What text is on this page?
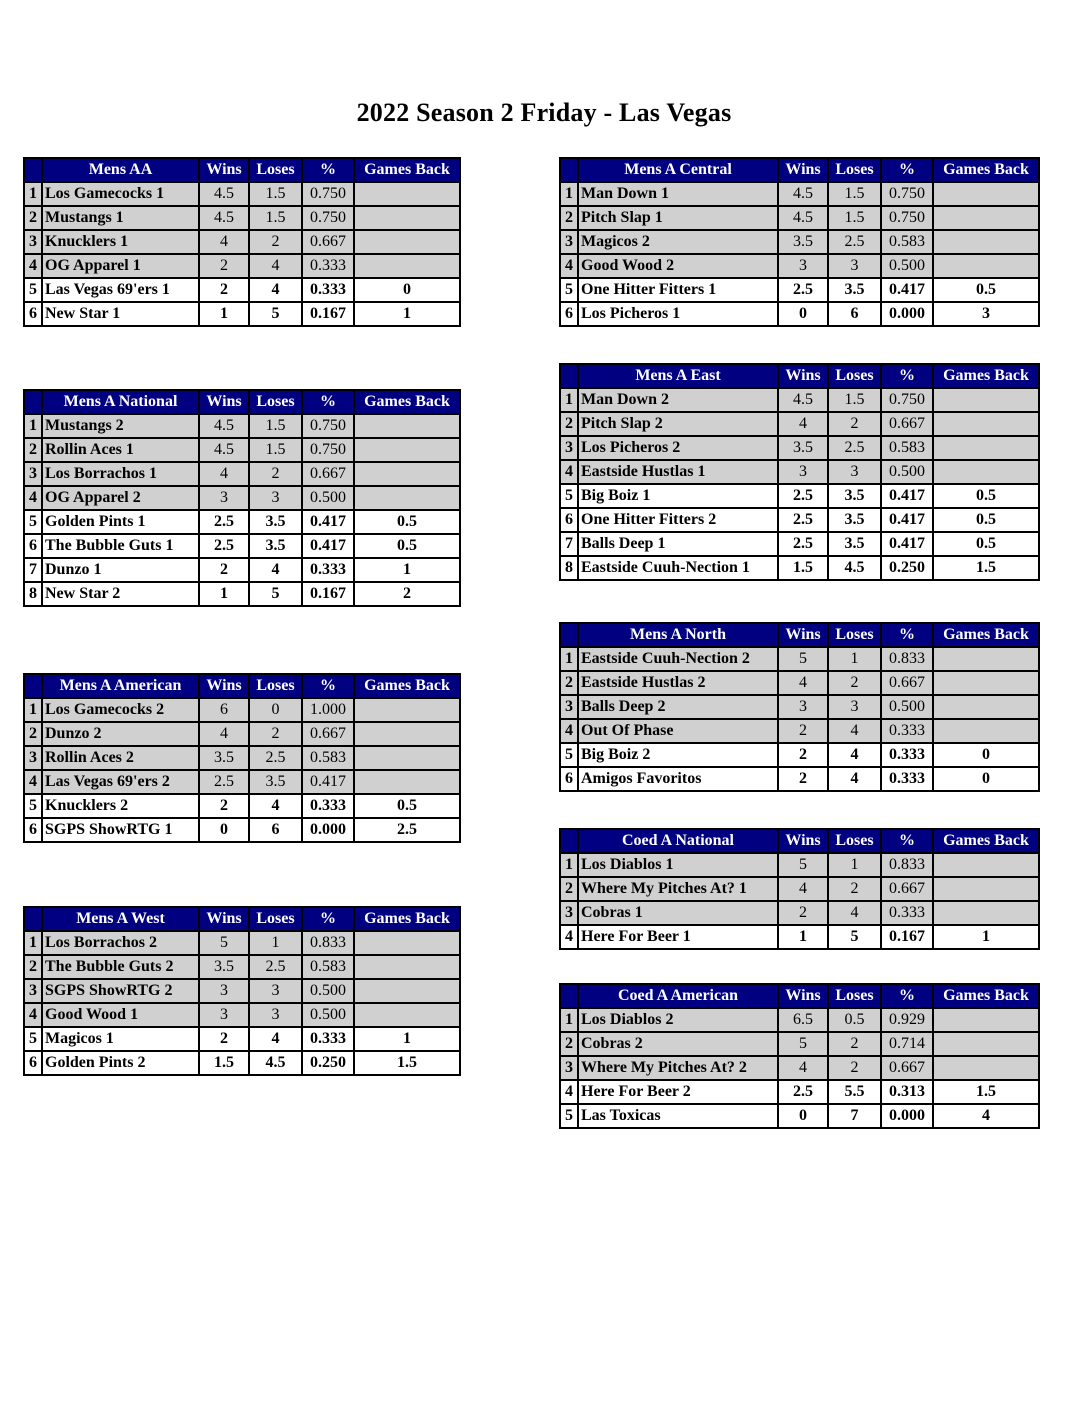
2022 Season 2 Friday - Las Vegas
	Mens AA	Wins	Loses	%	Games Back
1	Los Gamecocks 1	4.5	1.5	0.750	
2	Mustangs 1	4.5	1.5	0.750	
3	Knucklers 1	4	2	0.667	
4	OG Apparel 1	2	4	0.333	
5	Las Vegas 69'ers 1	2	4	0.333	0
6	New Star 1	1	5	0.167	1
	Mens A National	Wins	Loses	%	Games Back
1	Mustangs 2	4.5	1.5	0.750	
2	Rollin Aces 1	4.5	1.5	0.750	
3	Los Borrachos 1	4	2	0.667	
4	OG Apparel 2	3	3	0.500	
5	Golden Pints 1	2.5	3.5	0.417	0.5
6	The Bubble Guts 1	2.5	3.5	0.417	0.5
7	Dunzo 1	2	4	0.333	1
8	New Star 2	1	5	0.167	2
	Mens A American	Wins	Loses	%	Games Back
1	Los Gamecocks 2	6	0	1.000	
2	Dunzo 2	4	2	0.667	
3	Rollin Aces 2	3.5	2.5	0.583	
4	Las Vegas 69'ers 2	2.5	3.5	0.417	
5	Knucklers 2	2	4	0.333	0.5
6	SGPS ShowRTG 1	0	6	0.000	2.5
	Mens A West	Wins	Loses	%	Games Back
1	Los Borrachos 2	5	1	0.833	
2	The Bubble Guts 2	3.5	2.5	0.583	
3	SGPS ShowRTG 2	3	3	0.500	
4	Good Wood 1	3	3	0.500	
5	Magicos 1	2	4	0.333	1
6	Golden Pints 2	1.5	4.5	0.250	1.5
	Mens A Central	Wins	Loses	%	Games Back
1	Man Down 1	4.5	1.5	0.750	
2	Pitch Slap 1	4.5	1.5	0.750	
3	Magicos 2	3.5	2.5	0.583	
4	Good Wood 2	3	3	0.500	
5	One Hitter Fitters 1	2.5	3.5	0.417	0.5
6	Los Picheros 1	0	6	0.000	3
	Mens A East	Wins	Loses	%	Games Back
1	Man Down 2	4.5	1.5	0.750	
2	Pitch Slap 2	4	2	0.667	
3	Los Picheros 2	3.5	2.5	0.583	
4	Eastside Hustlas 1	3	3	0.500	
5	Big Boiz 1	2.5	3.5	0.417	0.5
6	One Hitter Fitters 2	2.5	3.5	0.417	0.5
7	Balls Deep 1	2.5	3.5	0.417	0.5
8	Eastside Cuuh-Nection 1	1.5	4.5	0.250	1.5
	Mens A North	Wins	Loses	%	Games Back
1	Eastside Cuuh-Nection 2	5	1	0.833	
2	Eastside Hustlas 2	4	2	0.667	
3	Balls Deep 2	3	3	0.500	
4	Out Of Phase	2	4	0.333	
5	Big Boiz 2	2	4	0.333	0
6	Amigos Favoritos	2	4	0.333	0
	Coed A National	Wins	Loses	%	Games Back
1	Los Diablos 1	5	1	0.833	
2	Where My Pitches At? 1	4	2	0.667	
3	Cobras 1	2	4	0.333	
4	Here For Beer 1	1	5	0.167	1
	Coed A American	Wins	Loses	%	Games Back
1	Los Diablos 2	6.5	0.5	0.929	
2	Cobras 2	5	2	0.714	
3	Where My Pitches At? 2	4	2	0.667	
4	Here For Beer 2	2.5	5.5	0.313	1.5
5	Las Toxicas	0	7	0.000	4
